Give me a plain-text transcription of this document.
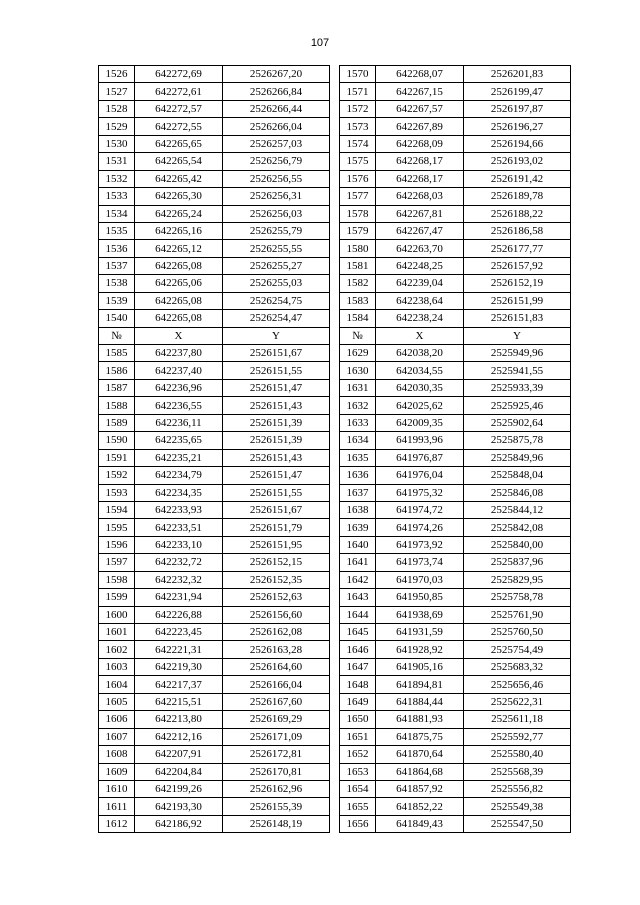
107
1526	642272,69	2526267,20		1570	642268,07	2526201,83
1527	642272,61	2526266,84		1571	642267,15	2526199,47
1528	642272,57	2526266,44		1572	642267,57	2526197,87
1529	642272,55	2526266,04		1573	642267,89	2526196,27
1530	642265,65	2526257,03		1574	642268,09	2526194,66
1531	642265,54	2526256,79		1575	642268,17	2526193,02
1532	642265,42	2526256,55		1576	642268,17	2526191,42
1533	642265,30	2526256,31		1577	642268,03	2526189,78
1534	642265,24	2526256,03		1578	642267,81	2526188,22
1535	642265,16	2526255,79		1579	642267,47	2526186,58
1536	642265,12	2526255,55		1580	642263,70	2526177,77
1537	642265,08	2526255,27		1581	642248,25	2526157,92
1538	642265,06	2526255,03		1582	642239,04	2526152,19
1539	642265,08	2526254,75		1583	642238,64	2526151,99
1540	642265,08	2526254,47		1584	642238,24	2526151,83
№	X	Y		№	X	Y
1585	642237,80	2526151,67		1629	642038,20	2525949,96
1586	642237,40	2526151,55		1630	642034,55	2525941,55
1587	642236,96	2526151,47		1631	642030,35	2525933,39
1588	642236,55	2526151,43		1632	642025,62	2525925,46
1589	642236,11	2526151,39		1633	642009,35	2525902,64
1590	642235,65	2526151,39		1634	641993,96	2525875,78
1591	642235,21	2526151,43		1635	641976,87	2525849,96
1592	642234,79	2526151,47		1636	641976,04	2525848,04
1593	642234,35	2526151,55		1637	641975,32	2525846,08
1594	642233,93	2526151,67		1638	641974,72	2525844,12
1595	642233,51	2526151,79		1639	641974,26	2525842,08
1596	642233,10	2526151,95		1640	641973,92	2525840,00
1597	642232,72	2526152,15		1641	641973,74	2525837,96
1598	642232,32	2526152,35		1642	641970,03	2525829,95
1599	642231,94	2526152,63		1643	641950,85	2525758,78
1600	642226,88	2526156,60		1644	641938,69	2525761,90
1601	642223,45	2526162,08		1645	641931,59	2525760,50
1602	642221,31	2526163,28		1646	641928,92	2525754,49
1603	642219,30	2526164,60		1647	641905,16	2525683,32
1604	642217,37	2526166,04		1648	641894,81	2525656,46
1605	642215,51	2526167,60		1649	641884,44	2525622,31
1606	642213,80	2526169,29		1650	641881,93	2525611,18
1607	642212,16	2526171,09		1651	641875,75	2525592,77
1608	642207,91	2526172,81		1652	641870,64	2525580,40
1609	642204,84	2526170,81		1653	641864,68	2525568,39
1610	642199,26	2526162,96		1654	641857,92	2525556,82
1611	642193,30	2526155,39		1655	641852,22	2525549,38
1612	642186,92	2526148,19		1656	641849,43	2525547,50
